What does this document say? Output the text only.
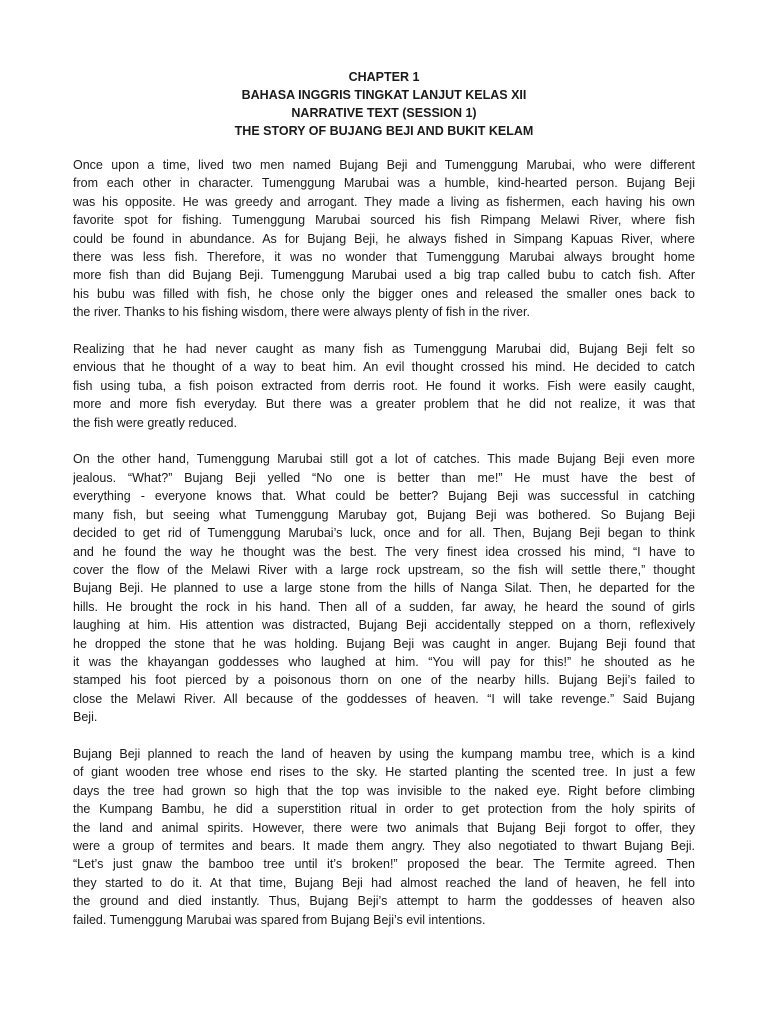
CHAPTER 1
BAHASA INGGRIS TINGKAT LANJUT KELAS XII
NARRATIVE TEXT (SESSION 1)
THE STORY OF BUJANG BEJI AND BUKIT KELAM
Once upon a time, lived two men named Bujang Beji and Tumenggung Marubai, who were different
from each other in character. Tumenggung Marubai was a humble, kind-hearted person. Bujang Beji
was his opposite. He was greedy and arrogant. They made a living as fishermen, each having his own
favorite spot for fishing. Tumenggung Marubai sourced his fish Rimpang Melawi River, where fish
could be found in abundance. As for Bujang Beji, he always fished in Simpang Kapuas River, where
there was less fish. Therefore, it was no wonder that Tumenggung Marubai always brought home
more fish than did Bujang Beji. Tumenggung Marubai used a big trap called bubu to catch fish. After
his bubu was filled with fish, he chose only the bigger ones and released the smaller ones back to
the river. Thanks to his fishing wisdom, there were always plenty of fish in the river.
Realizing that he had never caught as many fish as Tumenggung Marubai did, Bujang Beji felt so
envious that he thought of a way to beat him. An evil thought crossed his mind. He decided to catch
fish using tuba, a fish poison extracted from derris root. He found it works. Fish were easily caught,
more and more fish everyday. But there was a greater problem that he did not realize, it was that
the fish were greatly reduced.
On the other hand, Tumenggung Marubai still got a lot of catches. This made Bujang Beji even more
jealous. “What?” Bujang Beji yelled “No one is better than me!” He must have the best of
everything - everyone knows that. What could be better? Bujang Beji was successful in catching
many fish, but seeing what Tumenggung Marubay got, Bujang Beji was bothered. So Bujang Beji
decided to get rid of Tumenggung Marubai’s luck, once and for all. Then, Bujang Beji began to think
and he found the way he thought was the best. The very finest idea crossed his mind, “I have to
cover the flow of the Melawi River with a large rock upstream, so the fish will settle there,” thought
Bujang Beji. He planned to use a large stone from the hills of Nanga Silat. Then, he departed for the
hills. He brought the rock in his hand. Then all of a sudden, far away, he heard the sound of girls
laughing at him. His attention was distracted, Bujang Beji accidentally stepped on a thorn, reflexively
he dropped the stone that he was holding. Bujang Beji was caught in anger. Bujang Beji found that
it was the khayangan goddesses who laughed at him. “You will pay for this!” he shouted as he
stamped his foot pierced by a poisonous thorn on one of the nearby hills. Bujang Beji’s failed to
close the Melawi River. All because of the goddesses of heaven. “I will take revenge.” Said Bujang
Beji.
Bujang Beji planned to reach the land of heaven by using the kumpang mambu tree, which is a kind
of giant wooden tree whose end rises to the sky. He started planting the scented tree. In just a few
days the tree had grown so high that the top was invisible to the naked eye. Right before climbing
the Kumpang Bambu, he did a superstition ritual in order to get protection from the holy spirits of
the land and animal spirits. However, there were two animals that Bujang Beji forgot to offer, they
were a group of termites and bears. It made them angry. They also negotiated to thwart Bujang Beji.
“Let’s just gnaw the bamboo tree until it’s broken!” proposed the bear. The Termite agreed. Then
they started to do it. At that time, Bujang Beji had almost reached the land of heaven, he fell into
the ground and died instantly. Thus, Bujang Beji’s attempt to harm the goddesses of heaven also
failed. Tumenggung Marubai was spared from Bujang Beji’s evil intentions.
